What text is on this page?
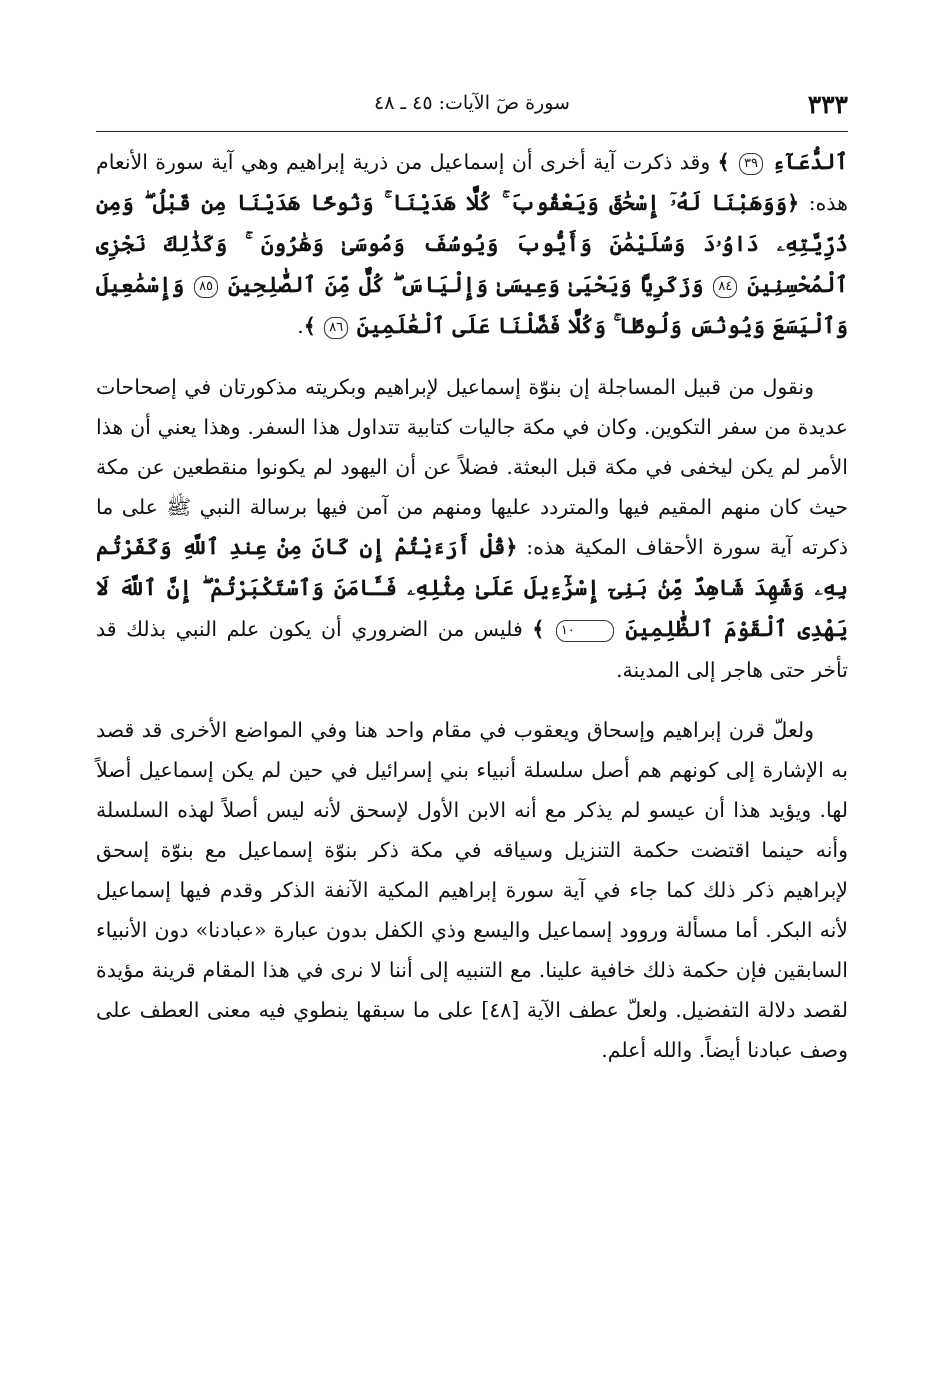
٣٣٣
سورة صٓ الآيات: ٤٥ ـ ٤٨

ٱلدُّعَآءِ ٣٩ ﴾ وقد ذكرت آية أخرى أن إسماعيل من ذرية إبراهيم وهي آية سورة الأنعام هذه: ﴿وَوَهَبْنَا لَهُۥٓ إِسْحَٰقَ وَيَعْقُوبَ ۚ كُلًّا هَدَيْنَا ۚ وَنُوحًا هَدَيْنَا مِن قَبْلُ ۖ وَمِن ذُرِّيَّتِهِۦ دَاوُۥدَ وَسُلَيْمَٰنَ وَأَيُّوبَ وَيُوسُفَ وَمُوسَىٰ وَهَٰرُونَ ۚ وَكَذَٰلِكَ نَجْزِى ٱلْمُحْسِنِينَ ٨٤ وَزَكَرِيَّا وَيَحْيَىٰ وَعِيسَىٰ وَإِلْيَاسَ ۖ كُلٌّ مِّنَ ٱلصَّٰلِحِينَ ٨٥ وَإِسْمَٰعِيلَ وَٱلْيَسَعَ وَيُونُسَ وَلُوطًا ۚ وَكُلًّا فَضَّلْنَا عَلَى ٱلْعَٰلَمِينَ ٨٦ ﴾.

ونقول من قبيل المساجلة إن بنوّة إسماعيل لإبراهيم وبكريته مذكورتان في إصحاحات عديدة من سفر التكوين. وكان في مكة جاليات كتابية تتداول هذا السفر. وهذا يعني أن هذا الأمر لم يكن ليخفى في مكة قبل البعثة. فضلاً عن أن اليهود لم يكونوا منقطعين عن مكة حيث كان منهم المقيم فيها والمتردد عليها ومنهم من آمن فيها برسالة النبي ﷺ على ما ذكرته آية سورة الأحقاف المكية هذه: ﴿قُلْ أَرَءَيْتُمْ إِن كَانَ مِنْ عِندِ ٱللَّهِ وَكَفَرْتُم بِهِۦ وَشَهِدَ شَاهِدٌ مِّنۢ بَنِىٓ إِسْرَٰٓءِيلَ عَلَىٰ مِثْلِهِۦ فَـَٔامَنَ وَٱسْتَكْبَرْتُمْ ۖ إِنَّ ٱللَّهَ لَا يَهْدِى ٱلْقَوْمَ ٱلظَّٰلِمِينَ ١٠ ﴾ فليس من الضروري أن يكون علم النبي بذلك قد تأخر حتى هاجر إلى المدينة.

ولعلّ قرن إبراهيم وإسحاق ويعقوب في مقام واحد هنا وفي المواضع الأخرى قد قصد به الإشارة إلى كونهم هم أصل سلسلة أنبياء بني إسرائيل في حين لم يكن إسماعيل أصلاً لها. ويؤيد هذا أن عيسو لم يذكر مع أنه الابن الأول لإسحق لأنه ليس أصلاً لهذه السلسلة وأنه حينما اقتضت حكمة التنزيل وسياقه في مكة ذكر بنوّة إسماعيل مع بنوّة إسحق لإبراهيم ذكر ذلك كما جاء في آية سورة إبراهيم المكية الآنفة الذكر وقدم فيها إسماعيل لأنه البكر. أما مسألة وروود إسماعيل واليسع وذي الكفل بدون عبارة «عبادنا» دون الأنبياء السابقين فإن حكمة ذلك خافية علينا. مع التنبيه إلى أننا لا نرى في هذا المقام قرينة مؤيدة لقصد دلالة التفضيل. ولعلّ عطف الآية [٤٨] على ما سبقها ينطوي فيه معنى العطف على وصف عبادنا أيضاً. والله أعلم.
